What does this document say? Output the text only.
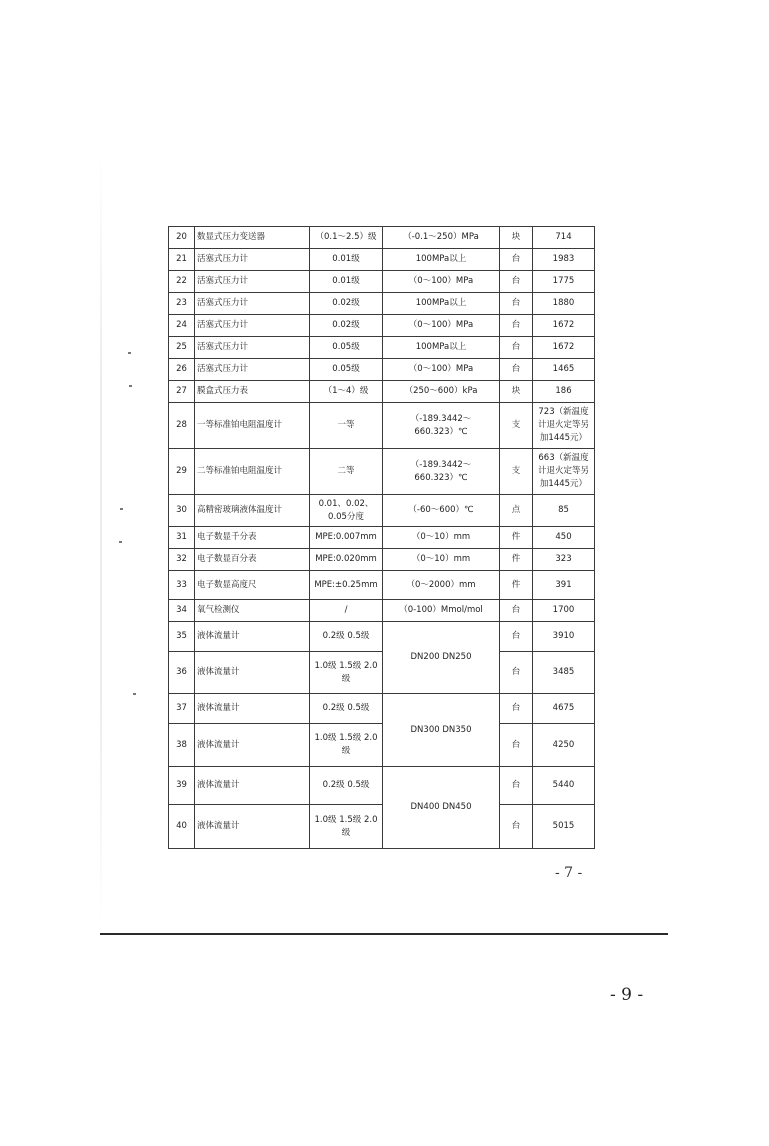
20	数显式压力变送器	（0.1～2.5）级	（-0.1～250）MPa	块	714
21	活塞式压力计	0.01级	100MPa以上	台	1983
22	活塞式压力计	0.01级	（0～100）MPa	台	1775
23	活塞式压力计	0.02级	100MPa以上	台	1880
24	活塞式压力计	0.02级	（0～100）MPa	台	1672
25	活塞式压力计	0.05级	100MPa以上	台	1672
26	活塞式压力计	0.05级	（0～100）MPa	台	1465
27	膜盒式压力表	（1～4）级	（250～600）kPa	块	186
28	一等标准铂电阻温度计	一等	（-189.3442～660.323）℃	支	723（新温度计退火定等另加1445元）
29	二等标准铂电阻温度计	二等	（-189.3442～660.323）℃	支	663（新温度计退火定等另加1445元）
30	高精密玻璃液体温度计	0.01、0.02、0.05分度	（-60～600）℃	点	85
31	电子数显千分表	MPE:0.007mm	（0～10）mm	件	450
32	电子数显百分表	MPE:0.020mm	（0～10）mm	件	323
33	电子数显高度尺	MPE:±0.25mm	（0～2000）mm	件	391
34	氧气检测仪	/	（0-100）Mmol/mol	台	1700
35	液体流量计	0.2级 0.5级	DN200 DN250	台	3910
36	液体流量计	1.0级 1.5级 2.0级		台	3485
37	液体流量计	0.2级 0.5级	DN300 DN350	台	4675
38	液体流量计	1.0级 1.5级 2.0级		台	4250
39	液体流量计	0.2级 0.5级	DN400 DN450	台	5440
40	液体流量计	1.0级 1.5级 2.0级		台	5015
- 7 -
- 9 -
